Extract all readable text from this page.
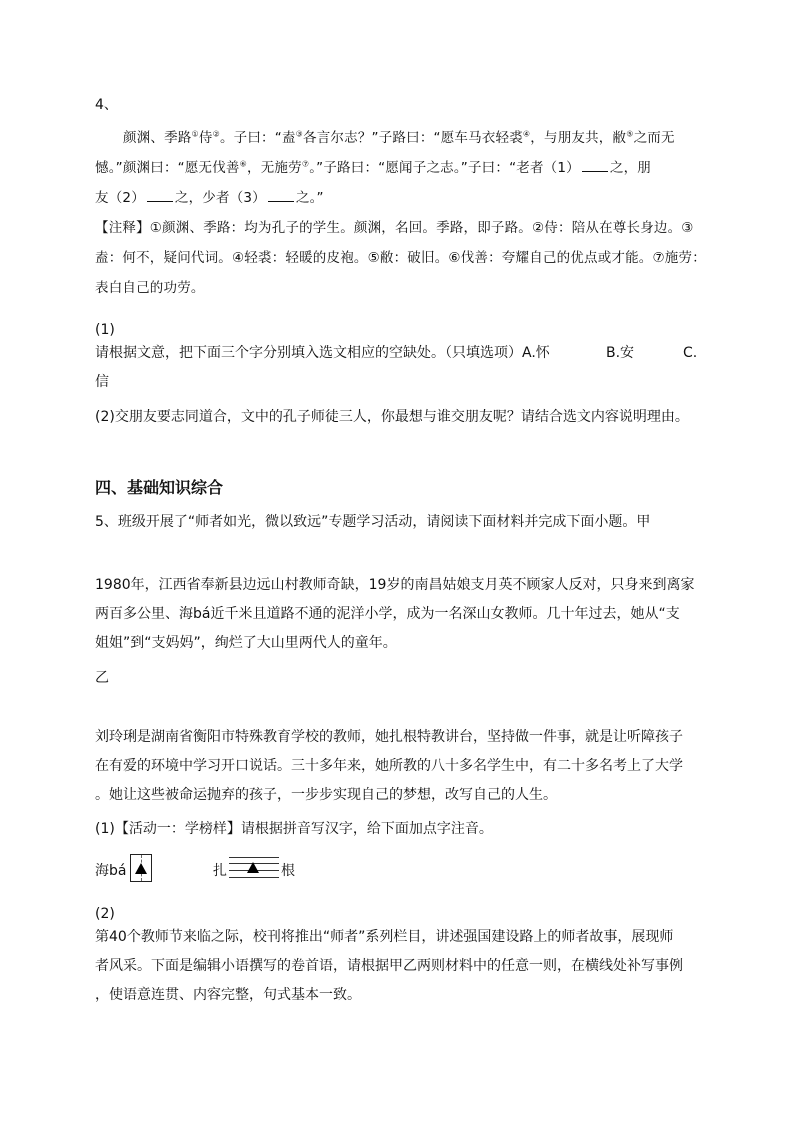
4、
颜渊、季路①侍②。子曰：“盍③各言尔志？”子路曰：“愿车马衣轻裘④，与朋友共，敝⑤之而无
憾。”颜渊曰：“愿无伐善⑥，无施劳⑦。”子路曰：“愿闻子之志。”子曰：“老者（1） 之，朋
友（2） 之，少者（3） 之。”
【注释】①颜渊、季路：均为孔子的学生。颜渊，名回。季路，即子路。②侍：陪从在尊长身边。③
盍：何不，疑问代词。④轻裘：轻暖的皮袍。⑤敝：破旧。⑥伐善：夸耀自己的优点或才能。⑦施劳：
表白自己的功劳。
(1)
请根据文意，把下面三个字分别填入选文相应的空缺处。（只填选项）A.怀	B.安	C.
信
(2)交朋友要志同道合，文中的孔子师徒三人，你最想与谁交朋友呢？请结合选文内容说明理由。
四、基础知识综合
5、班级开展了“师者如光，微以致远”专题学习活动，请阅读下面材料并完成下面小题。甲
1980年，江西省奉新县边远山村教师奇缺，19岁的南昌姑娘支月英不顾家人反对，只身来到离家
两百多公里、海bá近千米且道路不通的泥洋小学，成为一名深山女教师。几十年过去，她从“支
姐姐”到“支妈妈”，绚烂了大山里两代人的童年。
乙
刘玲琍是湖南省衡阳市特殊教育学校的教师，她扎根特教讲台，坚持做一件事，就是让听障孩子
在有爱的环境中学习开口说话。三十多年来，她所教的八十多名学生中，有二十多名考上了大学
。她让这些被命运抛弃的孩子，一步步实现自己的梦想，改写自己的人生。
(1)【活动一：学榜样】请根据拼音写汉字，给下面加点字注音。
海bá	扎	根
(2)
第40个教师节来临之际，校刊将推出“师者”系列栏目，讲述强国建设路上的师者故事，展现师
者风采。下面是编辑小语撰写的卷首语，请根据甲乙两则材料中的任意一则，在横线处补写事例
，使语意连贯、内容完整，句式基本一致。
